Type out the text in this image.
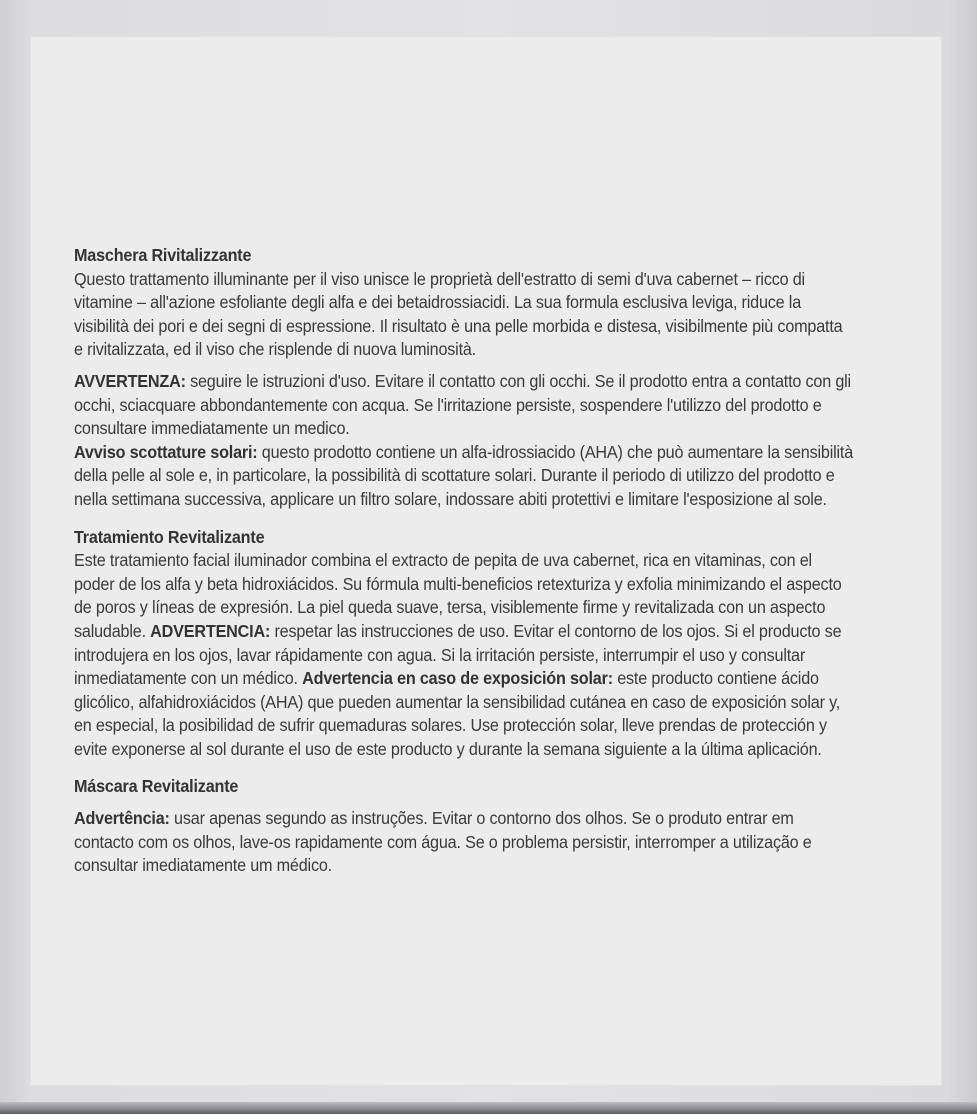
Maschera Rivitalizzante
Questo trattamento illuminante per il viso unisce le proprietà dell'estratto di semi d'uva cabernet – ricco di vitamine – all'azione esfoliante degli alfa e dei betaidrossiacidi. La sua formula esclusiva leviga, riduce la visibilità dei pori e dei segni di espressione. Il risultato è una pelle morbida e distesa, visibilmente più compatta e rivitalizzata, ed il viso che risplende di nuova luminosità.
AVVERTENZA: seguire le istruzioni d'uso. Evitare il contatto con gli occhi. Se il prodotto entra a contatto con gli occhi, sciacquare abbondantemente con acqua. Se l'irritazione persiste, sospendere l'utilizzo del prodotto e consultare immediatamente un medico.
Avviso scottature solari: questo prodotto contiene un alfa-idrossiacido (AHA) che può aumentare la sensibilità della pelle al sole e, in particolare, la possibilità di scottature solari. Durante il periodo di utilizzo del prodotto e nella settimana successiva, applicare un filtro solare, indossare abiti protettivi e limitare l'esposizione al sole.
Tratamiento Revitalizante
Este tratamiento facial iluminador combina el extracto de pepita de uva cabernet, rica en vitaminas, con el poder de los alfa y beta hidroxiácidos. Su fórmula multi-beneficios retexturiza y exfolia minimizando el aspecto de poros y líneas de expresión. La piel queda suave, tersa, visiblemente firme y revitalizada con un aspecto saludable. ADVERTENCIA: respetar las instrucciones de uso. Evitar el contorno de los ojos. Si el producto se introdujera en los ojos, lavar rápidamente con agua. Si la irritación persiste, interrumpir el uso y consultar inmediatamente con un médico. Advertencia en caso de exposición solar: este producto contiene ácido glicólico, alfahidroxiácidos (AHA) que pueden aumentar la sensibilidad cutánea en caso de exposición solar y, en especial, la posibilidad de sufrir quemaduras solares. Use protección solar, lleve prendas de protección y evite exponerse al sol durante el uso de este producto y durante la semana siguiente a la última aplicación.
Máscara Revitalizante
Advertência: usar apenas segundo as instruções. Evitar o contorno dos olhos. Se o produto entrar em contacto com os olhos, lave-os rapidamente com água. Se o problema persistir, interromper a utilização e consultar imediatamente um médico.
